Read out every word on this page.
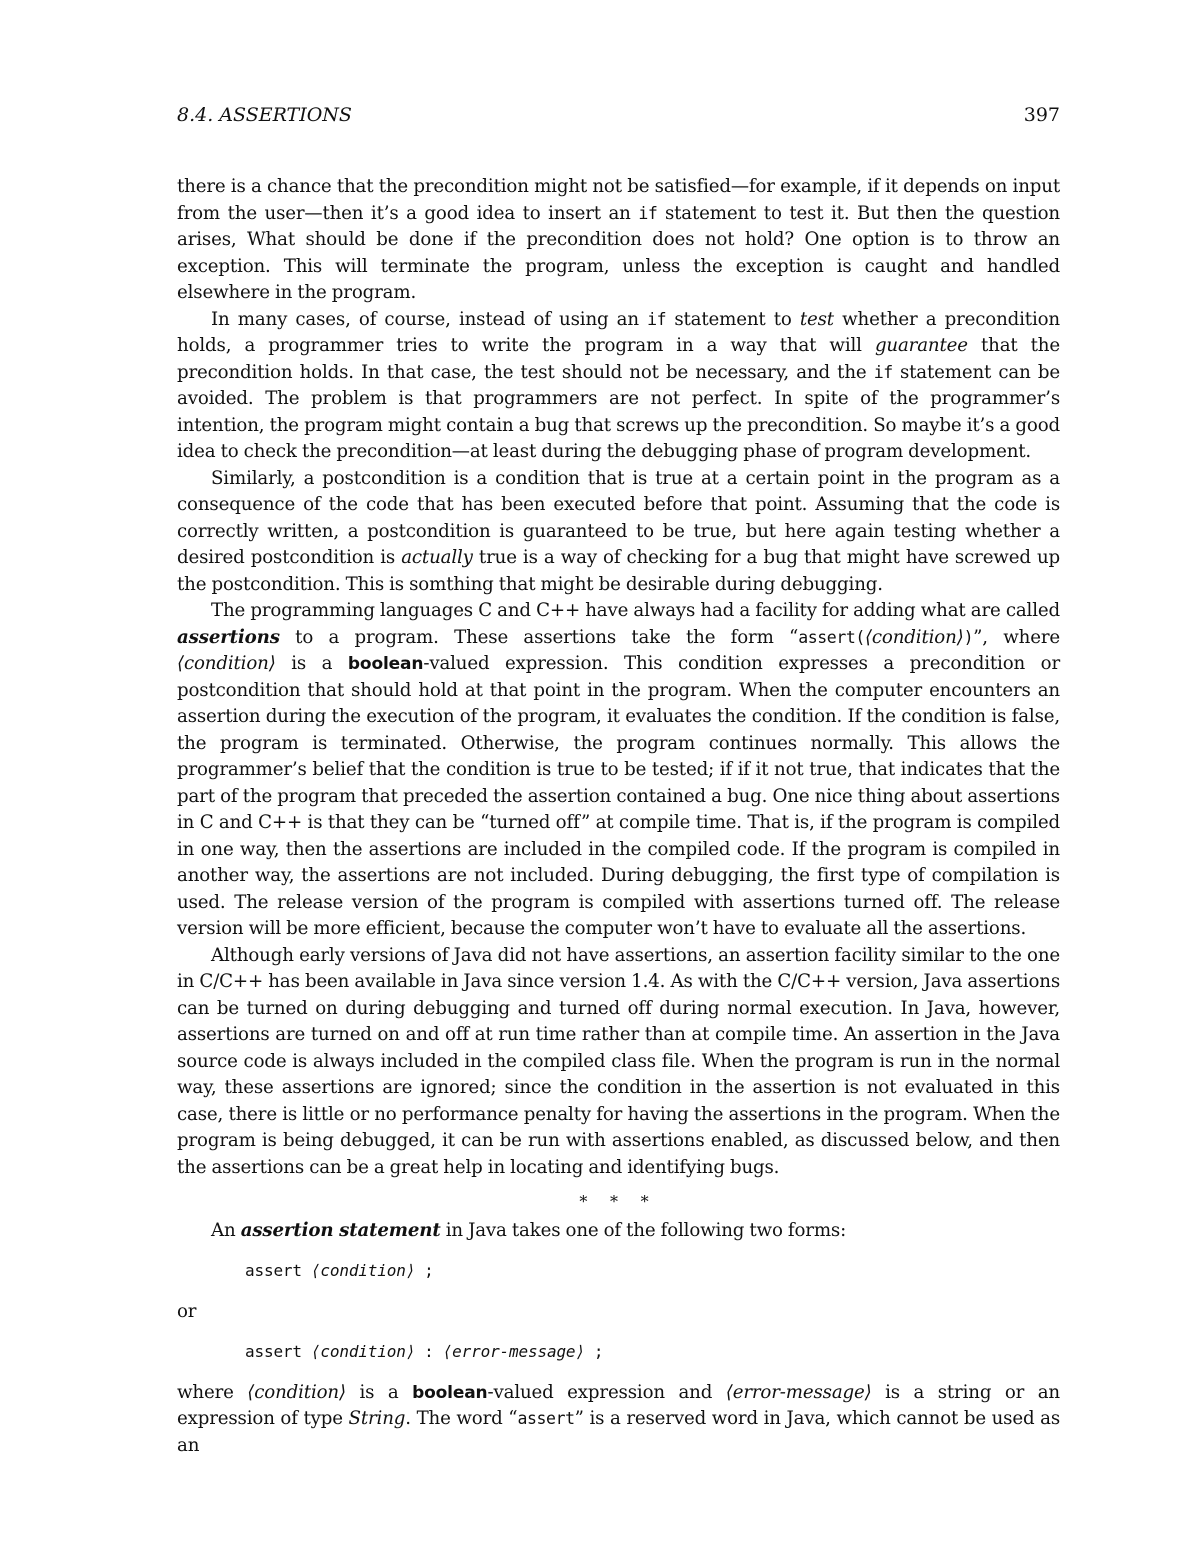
8.4. ASSERTIONS	397

there is a chance that the precondition might not be satisfied—for example, if it depends on input from the user—then it’s a good idea to insert an if statement to test it. But then the question arises, What should be done if the precondition does not hold? One option is to throw an exception. This will terminate the program, unless the exception is caught and handled elsewhere in the program.

In many cases, of course, instead of using an if statement to test whether a precondition holds, a programmer tries to write the program in a way that will guarantee that the precondition holds. In that case, the test should not be necessary, and the if statement can be avoided. The problem is that programmers are not perfect. In spite of the programmer’s intention, the program might contain a bug that screws up the precondition. So maybe it’s a good idea to check the precondition—at least during the debugging phase of program development.

Similarly, a postcondition is a condition that is true at a certain point in the program as a consequence of the code that has been executed before that point. Assuming that the code is correctly written, a postcondition is guaranteed to be true, but here again testing whether a desired postcondition is actually true is a way of checking for a bug that might have screwed up the postcondition. This is somthing that might be desirable during debugging.

The programming languages C and C++ have always had a facility for adding what are called assertions to a program. These assertions take the form “assert(⟨condition⟩)”, where ⟨condition⟩ is a boolean-valued expression. This condition expresses a precondition or postcondition that should hold at that point in the program. When the computer encounters an assertion during the execution of the program, it evaluates the condition. If the condition is false, the program is terminated. Otherwise, the program continues normally. This allows the programmer’s belief that the condition is true to be tested; if if it not true, that indicates that the part of the program that preceded the assertion contained a bug. One nice thing about assertions in C and C++ is that they can be “turned off” at compile time. That is, if the program is compiled in one way, then the assertions are included in the compiled code. If the program is compiled in another way, the assertions are not included. During debugging, the first type of compilation is used. The release version of the program is compiled with assertions turned off. The release version will be more efficient, because the computer won’t have to evaluate all the assertions.

Although early versions of Java did not have assertions, an assertion facility similar to the one in C/C++ has been available in Java since version 1.4. As with the C/C++ version, Java assertions can be turned on during debugging and turned off during normal execution. In Java, however, assertions are turned on and off at run time rather than at compile time. An assertion in the Java source code is always included in the compiled class file. When the program is run in the normal way, these assertions are ignored; since the condition in the assertion is not evaluated in this case, there is little or no performance penalty for having the assertions in the program. When the program is being debugged, it can be run with assertions enabled, as discussed below, and then the assertions can be a great help in locating and identifying bugs.

* * *

An assertion statement in Java takes one of the following two forms:

assert ⟨condition⟩ ;

or

assert ⟨condition⟩ : ⟨error-message⟩ ;

where ⟨condition⟩ is a boolean-valued expression and ⟨error-message⟩ is a string or an expression of type String. The word “assert” is a reserved word in Java, which cannot be used as an
